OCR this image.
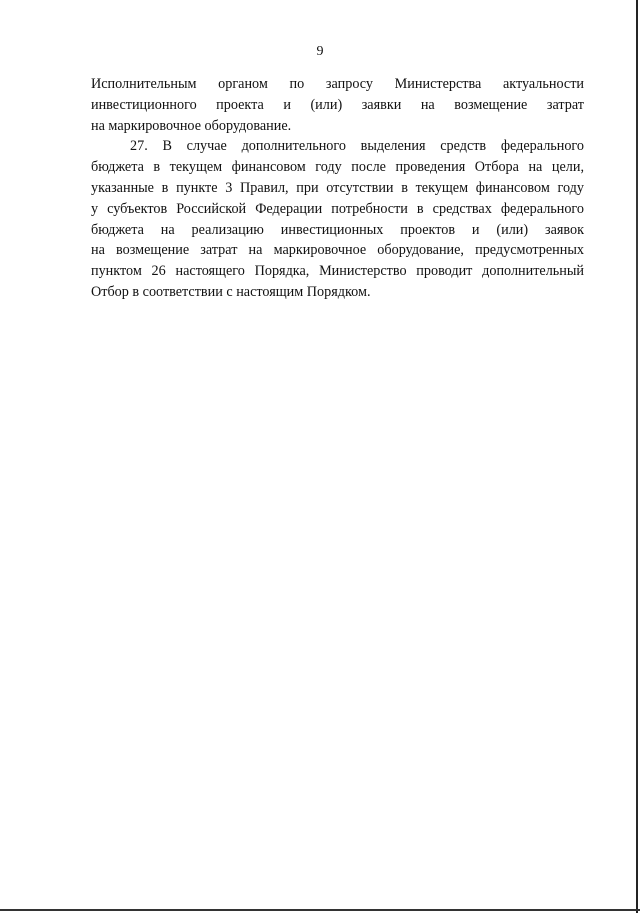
9
Исполнительным органом по запросу Министерства актуальности
инвестиционного проекта и (или) заявки на возмещение затрат
на маркировочное оборудование.
27. В случае дополнительного выделения средств федерального
бюджета в текущем финансовом году после проведения Отбора на цели,
указанные в пункте 3 Правил, при отсутствии в текущем финансовом году
у субъектов Российской Федерации потребности в средствах федерального
бюджета на реализацию инвестиционных проектов и (или) заявок
на возмещение затрат на маркировочное оборудование, предусмотренных
пунктом 26 настоящего Порядка, Министерство проводит дополнительный
Отбор в соответствии с настоящим Порядком.
